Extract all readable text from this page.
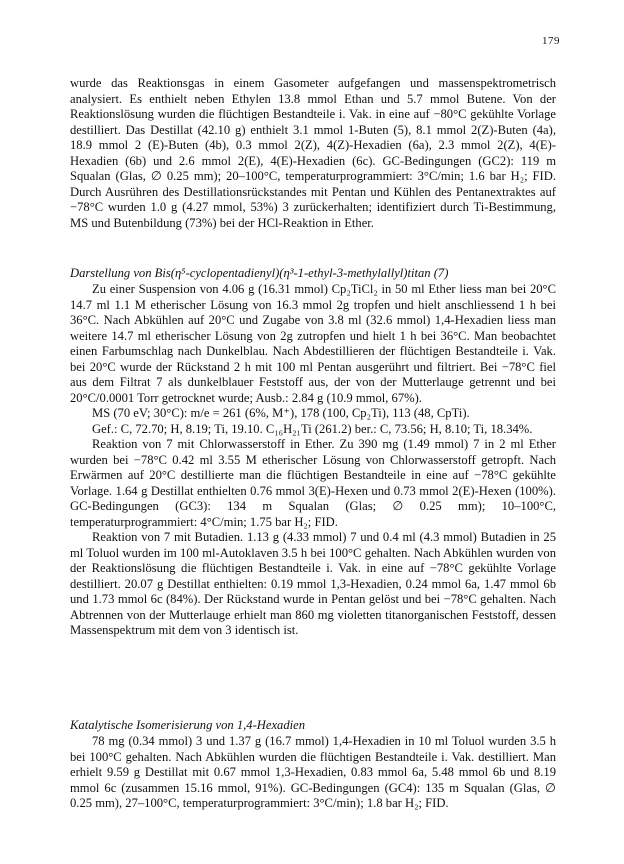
179

wurde das Reaktionsgas in einem Gasometer aufgefangen und massenspektrometrisch analysiert. Es enthielt neben Ethylen 13.8 mmol Ethan und 5.7 mmol Butene. Von der Reaktionslösung wurden die flüchtigen Bestandteile i. Vak. in eine auf −80°C gekühlte Vorlage destilliert. Das Destillat (42.10 g) enthielt 3.1 mmol 1-Buten (5), 8.1 mmol 2(Z)-Buten (4a), 18.9 mmol 2 (E)-Buten (4b), 0.3 mmol 2(Z), 4(Z)-Hexadien (6a), 2.3 mmol 2(Z), 4(E)-Hexadien (6b) und 2.6 mmol 2(E), 4(E)-Hexadien (6c). GC-Bedingungen (GC2): 119 m Squalan (Glas, ∅ 0.25 mm); 20–100°C, temperaturprogrammiert: 3°C/min; 1.6 bar H₂; FID. Durch Ausrühren des Destillationsrückstandes mit Pentan und Kühlen des Pentanextraktes auf −78°C wurden 1.0 g (4.27 mmol, 53%) 3 zurückerhalten; identifiziert durch Ti-Bestimmung, MS und Butenbildung (73%) bei der HCl-Reaktion in Ether.

Darstellung von Bis(η⁵-cyclopentadienyl)(η³-1-ethyl-3-methylallyl)titan (7)

Zu einer Suspension von 4.06 g (16.31 mmol) Cp₂TiCl₂ in 50 ml Ether liess man bei 20°C 14.7 ml 1.1 M etherischer Lösung von 16.3 mmol 2g tropfen und hielt anschliessend 1 h bei 36°C. Nach Abkühlen auf 20°C und Zugabe von 3.8 ml (32.6 mmol) 1,4-Hexadien liess man weitere 14.7 ml etherischer Lösung von 2g zutropfen und hielt 1 h bei 36°C. Man beobachtet einen Farbumschlag nach Dunkelblau. Nach Abdestillieren der flüchtigen Bestandteile i. Vak. bei 20°C wurde der Rückstand 2 h mit 100 ml Pentan ausgerührt und filtriert. Bei −78°C fiel aus dem Filtrat 7 als dunkelblauer Feststoff aus, der von der Mutterlauge getrennt und bei 20°C/0.0001 Torr getrocknet wurde; Ausb.: 2.84 g (10.9 mmol, 67%).

MS (70 eV; 30°C): m/e = 261 (6%, M⁺), 178 (100, Cp₂Ti), 113 (48, CpTi).

Gef.: C, 72.70; H, 8.19; Ti, 19.10. C₁₆H₂₁Ti (261.2) ber.: C, 73.56; H, 8.10; Ti, 18.34%.

Reaktion von 7 mit Chlorwasserstoff in Ether. Zu 390 mg (1.49 mmol) 7 in 2 ml Ether wurden bei −78°C 0.42 ml 3.55 M etherischer Lösung von Chlorwasserstoff getropft. Nach Erwärmen auf 20°C destillierte man die flüchtigen Bestandteile in eine auf −78°C gekühlte Vorlage. 1.64 g Destillat enthielten 0.76 mmol 3(E)-Hexen und 0.73 mmol 2(E)-Hexen (100%). GC-Bedingungen (GC3): 134 m Squalan (Glas; ∅ 0.25 mm); 10–100°C, temperaturprogrammiert: 4°C/min; 1.75 bar H₂; FID.

Reaktion von 7 mit Butadien. 1.13 g (4.33 mmol) 7 und 0.4 ml (4.3 mmol) Butadien in 25 ml Toluol wurden im 100 ml-Autoklaven 3.5 h bei 100°C gehalten. Nach Abkühlen wurden von der Reaktionslösung die flüchtigen Bestandteile i. Vak. in eine auf −78°C gekühlte Vorlage destilliert. 20.07 g Destillat enthielten: 0.19 mmol 1,3-Hexadien, 0.24 mmol 6a, 1.47 mmol 6b und 1.73 mmol 6c (84%). Der Rückstand wurde in Pentan gelöst und bei −78°C gehalten. Nach Abtrennen von der Mutterlauge erhielt man 860 mg violetten titanorganischen Feststoff, dessen Massenspektrum mit dem von 3 identisch ist.

Katalytische Isomerisierung von 1,4-Hexadien

78 mg (0.34 mmol) 3 und 1.37 g (16.7 mmol) 1,4-Hexadien in 10 ml Toluol wurden 3.5 h bei 100°C gehalten. Nach Abkühlen wurden die flüchtigen Bestandteile i. Vak. destilliert. Man erhielt 9.59 g Destillat mit 0.67 mmol 1,3-Hexadien, 0.83 mmol 6a, 5.48 mmol 6b und 8.19 mmol 6c (zusammen 15.16 mmol, 91%). GC-Bedingungen (GC4): 135 m Squalan (Glas, ∅ 0.25 mm), 27–100°C, temperaturprogrammiert: 3°C/min); 1.8 bar H₂; FID.
